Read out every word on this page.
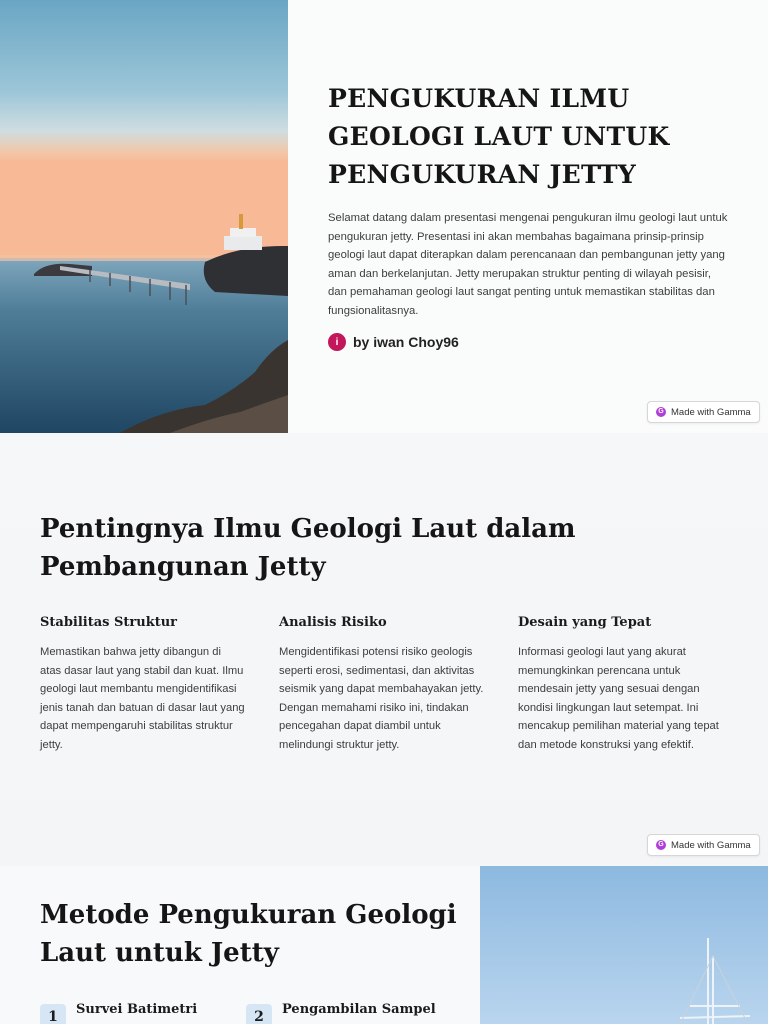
PENGUKURAN ILMU GEOLOGI LAUT UNTUK PENGUKURAN JETTY

Selamat datang dalam presentasi mengenai pengukuran ilmu geologi laut untuk pengukuran jetty. Presentasi ini akan membahas bagaimana prinsip-prinsip geologi laut dapat diterapkan dalam perencanaan dan pembangunan jetty yang aman dan berkelanjutan. Jetty merupakan struktur penting di wilayah pesisir, dan pemahaman geologi laut sangat penting untuk memastikan stabilitas dan fungsionalitasnya.

i	by iwan Choy96
G Made with Gamma
Pentingnya Ilmu Geologi Laut dalam Pembangunan Jetty
Stabilitas Struktur

Memastikan bahwa jetty dibangun di atas dasar laut yang stabil dan kuat. Ilmu geologi laut membantu mengidentifikasi jenis tanah dan batuan di dasar laut yang dapat mempengaruhi stabilitas struktur jetty.

Analisis Risiko

Mengidentifikasi potensi risiko geologis seperti erosi, sedimentasi, dan aktivitas seismik yang dapat membahayakan jetty. Dengan memahami risiko ini, tindakan pencegahan dapat diambil untuk melindungi struktur jetty.

Desain yang Tepat

Informasi geologi laut yang akurat memungkinkan perencana untuk mendesain jetty yang sesuai dengan kondisi lingkungan laut setempat. Ini mencakup pemilihan material yang tepat dan metode konstruksi yang efektif.

G Made with Gamma
Metode Pengukuran Geologi Laut untuk Jetty
1	Survei Batimetri	2	Pengambilan Sampel
